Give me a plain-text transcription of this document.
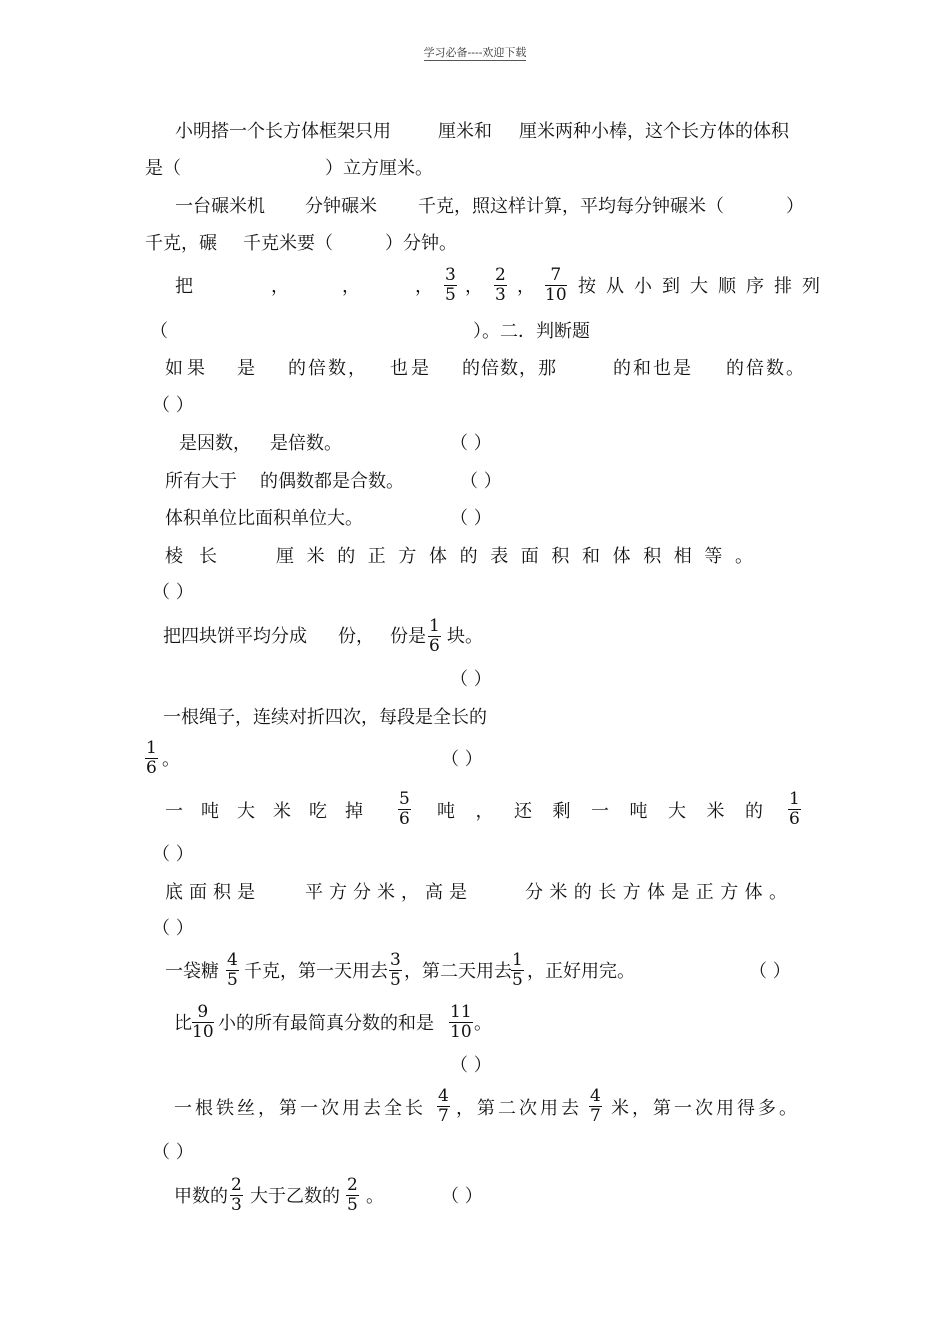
学习必备----欢迎下载
小明搭一个长方体框架只用	厘米和 厘米两种小棒，这个长方体的体积
是（	）立方厘米。
一台碾米机 分钟碾米 千克，照这样计算，平均每分钟碾米（	）
千克，碾 千克米要（	）分钟。
把	，	，	， $\frac{3}{5}$ ， $\frac{2}{3}$ ， $\frac{7}{10}$ 按从小到大顺序排列
（	）。二．判断题
如果 是 的倍数， 也是 的倍数，那	的和也是 的倍数。
（ ）
是因数， 是倍数。	（ ）
所有大于 的偶数都是合数。	（ ）
体积单位比面积单位大。	（ ）
棱长 厘米的正方体的表面积和体积相等。
（ ）
把四块饼平均分成 份， 份是 $\frac{1}{6}$ 块。
（ ）
一根绳子，连续对折四次，每段是全长的
$\frac{1}{6}$ 。	（ ）
一吨大米吃掉 $\frac{5}{6}$ 吨，还剩一吨大米的 $\frac{1}{6}$
（ ）
底面积是 平方分米，高是	分米的长方体是正方体。
（ ）
一袋糖 $\frac{4}{5}$ 千克，第一天用去 $\frac{3}{5}$ ，第二天用去 $\frac{1}{5}$ ，正好用完。	（ ）
比 $\frac{9}{10}$ 小的所有最简真分数的和是 $\frac{11}{10}$ 。
（ ）
一根铁丝，第一次用去全长 $\frac{4}{7}$ ，第二次用去 $\frac{4}{7}$ 米，第一次用得多。
（ ）
甲数的 $\frac{2}{3}$ 大于乙数的 $\frac{2}{5}$ 。	（ ）
